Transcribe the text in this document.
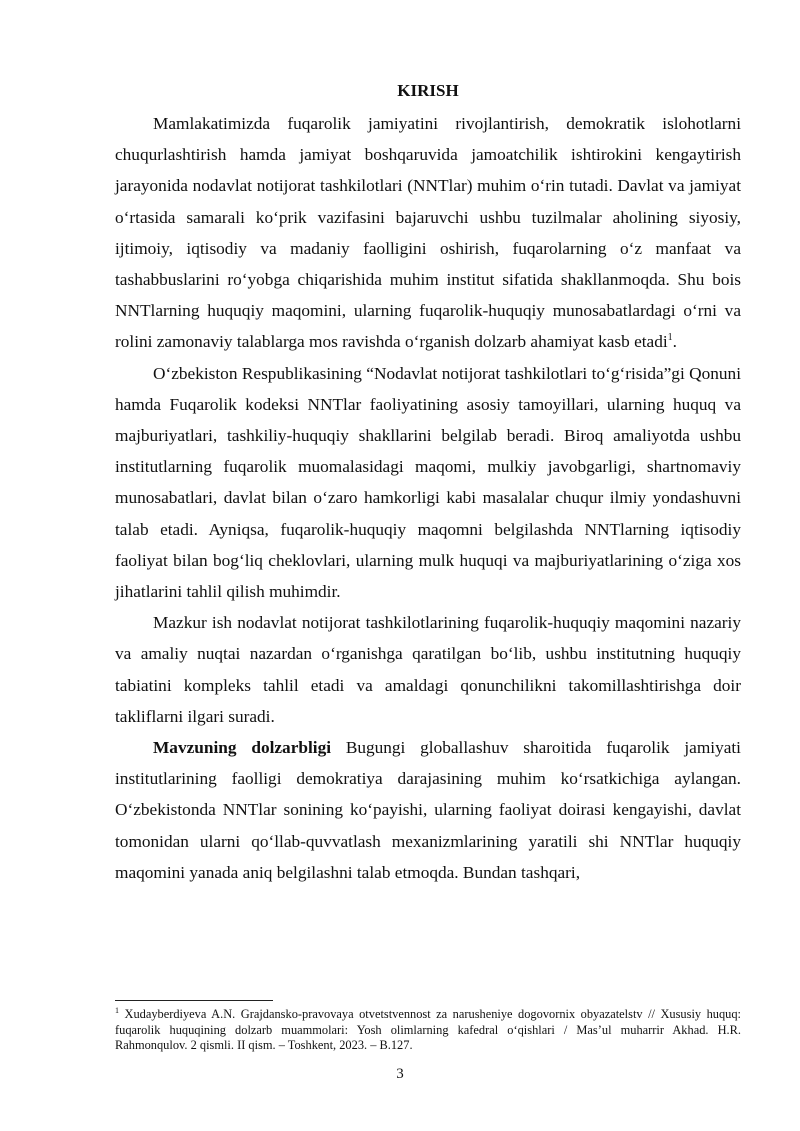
KIRISH

Mamlakatimizda fuqarolik jamiyatini rivojlantirish, demokratik islohotlarni chuqurlashtirish hamda jamiyat boshqaruvida jamoatchilik ishtirokini kengaytirish jarayonida nodavlat notijorat tashkilotlari (NNTlar) muhim o‘rin tutadi. Davlat va jamiyat o‘rtasida samarali ko‘prik vazifasini bajaruvchi ushbu tuzilmalar aholining siyosiy, ijtimoiy, iqtisodiy va madaniy faolligini oshirish, fuqarolarning o‘z manfaat va tashabbuslarini ro‘yobga chiqarishida muhim institut sifatida shakllanmoqda. Shu bois NNTlarning huquqiy maqomini, ularning fuqarolik-huquqiy munosabatlardagi o‘rni va rolini zamonaviy talablarga mos ravishda o‘rganish dolzarb ahamiyat kasb etadi$^1$.

O‘zbekiston Respublikasining “Nodavlat notijorat tashkilotlari to‘g‘risida”gi Qonuni hamda Fuqarolik kodeksi NNTlar faoliyatining asosiy tamoyillari, ularning huquq va majburiyatlari, tashkiliy-huquqiy shakllarini belgilab beradi. Biroq amaliyotda ushbu institutlarning fuqarolik muomalasidagi maqomi, mulkiy javobgarligi, shartnomaviy munosabatlari, davlat bilan o‘zaro hamkorligi kabi masalalar chuqur ilmiy yondashuvni talab etadi. Ayniqsa, fuqarolik-huquqiy maqomni belgilashda NNTlarning iqtisodiy faoliyat bilan bog‘liq cheklovlari, ularning mulk huquqi va majburiyatlarining o‘ziga xos jihatlarini tahlil qilish muhimdir.

Mazkur ish nodavlat notijorat tashkilotlarining fuqarolik-huquqiy maqomini nazariy va amaliy nuqtai nazardan o‘rganishga qaratilgan bo‘lib, ushbu institutning huquqiy tabiatini kompleks tahlil etadi va amaldagi qonunchilikni takomillashtirishga doir takliflarni ilgari suradi.

Mavzuning dolzarbligi Bugungi globallashuv sharoitida fuqarolik jamiyati institutlarining faolligi demokratiya darajasining muhim ko‘rsatkichiga aylangan. O‘zbekistonda NNTlar sonining ko‘payishi, ularning faoliyat doirasi kengayishi, davlat tomonidan ularni qo‘llab-quvvatlash mexanizmlarining yaratili shi NNTlar huquqiy maqomini yanada aniq belgilashni talab etmoqda. Bundan tashqari,

$^1$ Xudayberdiyeva A.N. Grajdansko-pravovaya otvetstvennost za narusheniye dogovornix obyazatelstv // Xususiy huquq: fuqarolik huquqining dolzarb muammolari: Yosh olimlarning kafedral o‘qishlari / Mas’ul muharrir Akhad. H.R. Rahmonqulov. 2 qismli. II qism. – Toshkent, 2023. – B.127.

3
